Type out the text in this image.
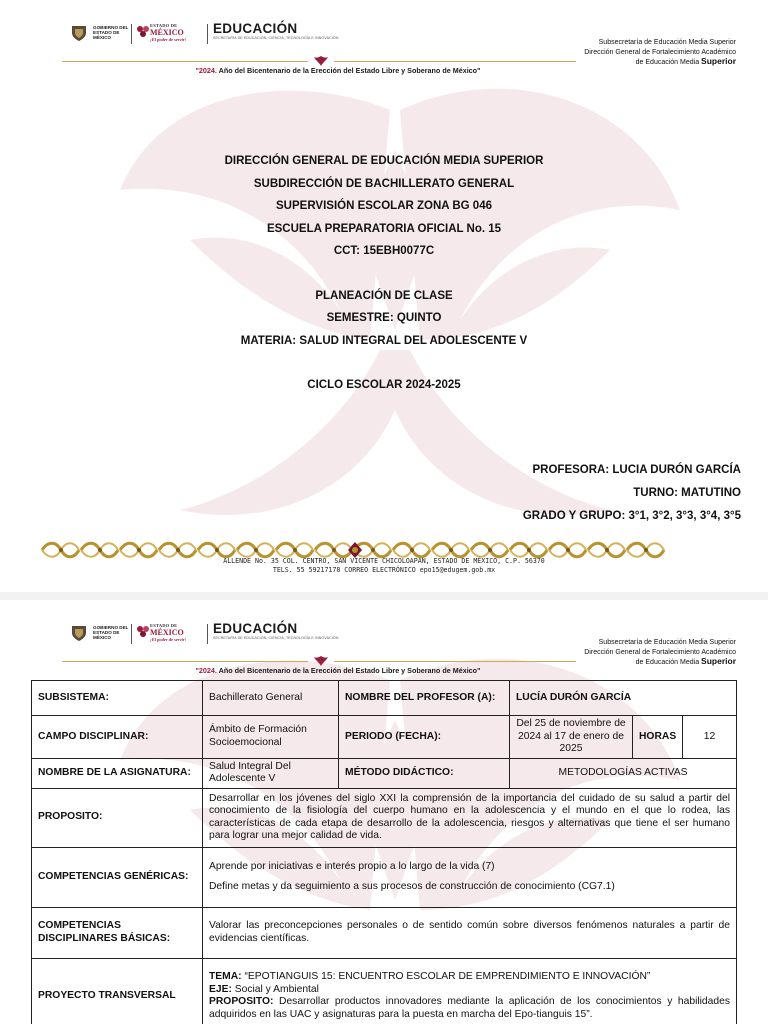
GOBIERNO DEL ESTADO DE MÉXICO
ESTADO DE
MÉXICO
¡El poder de servir!
EDUCACIÓN
SECRETARÍA DE EDUCACIÓN, CIENCIA, TECNOLOGÍA E INNOVACIÓN
Subsecretaría de Educación Media Superior
Dirección General de Fortalecimiento Académico
de Educación Media Superior
"2024. Año del Bicentenario de la Erección del Estado Libre y Soberano de México"
DIRECCIÓN GENERAL DE EDUCACIÓN MEDIA SUPERIOR
SUBDIRECCIÓN DE BACHILLERATO GENERAL
SUPERVISIÓN ESCOLAR ZONA BG 046
ESCUELA PREPARATORIA OFICIAL No. 15
CCT: 15EBH0077C
PLANEACIÓN DE CLASE
SEMESTRE: QUINTO
MATERIA: SALUD INTEGRAL DEL ADOLESCENTE V
CICLO ESCOLAR 2024-2025
PROFESORA: LUCIA DURÓN GARCÍA
TURNO: MATUTINO
GRADO Y GRUPO: 3°1, 3°2, 3°3, 3°4, 3°5
ALLENDE No. 35 COL. CENTRO, SAN VICENTE CHICOLOAPAN, ESTADO DE MÉXICO, C.P. 56370
TELS. 55 59217178 CORREO ELECTRÓNICO epo15@edugem.gob.mx
GOBIERNO DEL ESTADO DE MÉXICO
ESTADO DE
MÉXICO
¡El poder de servir!
EDUCACIÓN
SECRETARÍA DE EDUCACIÓN, CIENCIA, TECNOLOGÍA E INNOVACIÓN
Subsecretaría de Educación Media Superior
Dirección General de Fortalecimiento Académico
de Educación Media Superior
"2024. Año del Bicentenario de la Erección del Estado Libre y Soberano de México"
SUBSISTEMA:	Bachillerato General	NOMBRE DEL PROFESOR (A):	LUCÍA DURÓN GARCÍA		
CAMPO DISCIPLINAR:	Ámbito de Formación Socioemocional	PERIODO (FECHA):	Del 25 de noviembre de 2024 al 17 de enero de 2025	HORAS	12
NOMBRE DE LA ASIGNATURA:	Salud Integral Del Adolescente V	MÉTODO DIDÁCTICO:	METODOLOGÍAS ACTIVAS		
PROPOSITO:	Desarrollar en los jóvenes del siglo XXI la comprensión de la importancia del cuidado de su salud a partir del conocimiento de la fisiología del cuerpo humano en la adolescencia y el mundo en el que lo rodea, las características de cada etapa de desarrollo de la adolescencia, riesgos y alternativas que tiene el ser humano para lograr una mejor calidad de vida.				
COMPETENCIAS GENÉRICAS:	Aprende por iniciativas e interés propio a lo largo de la vida (7)
Define metas y da seguimiento a sus procesos de construcción de conocimiento (CG7.1)				

COMPETENCIAS DISCIPLINARES BÁSICAS:	Valorar las preconcepciones personales o de sentido común sobre diversos fenómenos naturales a partir de evidencias científicas.				
PROYECTO TRANSVERSAL	TEMA: “EPOTIANGUIS 15: ENCUENTRO ESCOLAR DE EMPRENDIMIENTO E INNOVACIÓN”
EJE: Social y Ambiental
PROPOSITO: Desarrollar productos innovadores mediante la aplicación de los conocimientos y habilidades adquiridos en las UAC y asignaturas para la puesta en marcha del Epo-tianguis 15”.				
